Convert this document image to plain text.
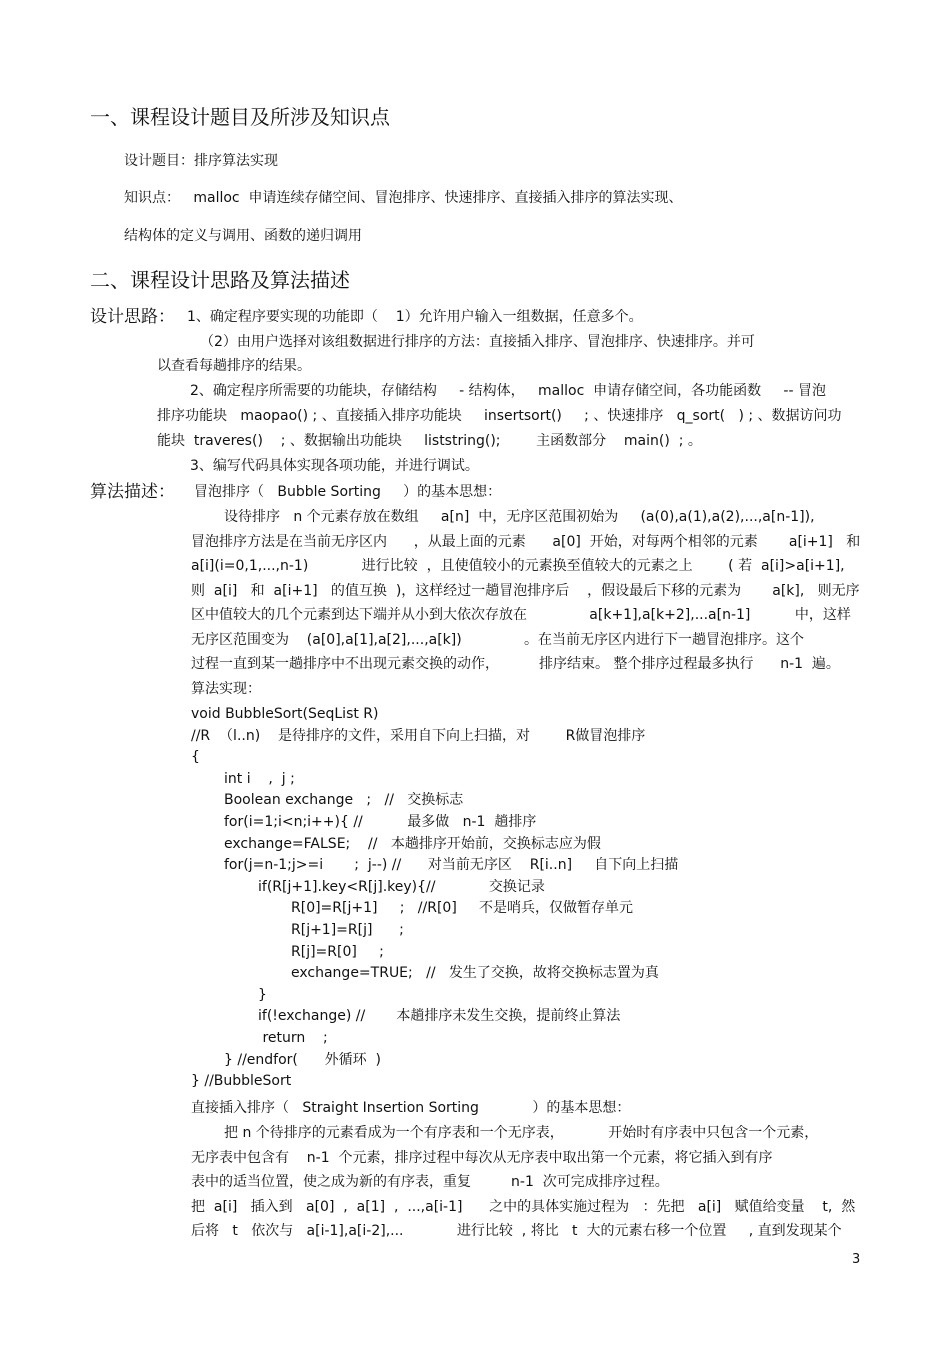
一、课程设计题目及所涉及知识点
设计题目：排序算法实现
知识点：   malloc  申请连续存储空间、冒泡排序、快速排序、直接插入排序的算法实现、
结构体的定义与调用、函数的递归调用
二、课程设计思路及算法描述
设计思路： 1、确定程序要实现的功能即（    1）允许用户输入一组数据，任意多个。
（2）由用户选择对该组数据进行排序的方法：直接插入排序、冒泡排序、快速排序。并可
以查看每趟排序的结果。
2、确定程序所需要的功能块，存储结构     - 结构体，   malloc  申请存储空间，各功能函数     -- 冒泡
排序功能块   maopao() ; 、直接插入排序功能块     insertsort()     ; 、快速排序   q_sort(   ) ; 、数据访问功
能块  traveres()    ; 、数据输出功能块     liststring();        主函数部分    main()  ; 。
3、编写代码具体实现各项功能，并进行调试。
算法描述： 冒泡排序（   Bubble Sorting     ）的基本思想：
设待排序   n 个元素存放在数组     a[n]  中，无序区范围初始为     (a(0),a(1),a(2),...,a[n-1]),
冒泡排序方法是在当前无序区内      ，从最上面的元素      a[0]  开始，对每两个相邻的元素       a[i+1]   和
a[i](i=0,1,...,n-1)            进行比较  ，且使值较小的元素换至值较大的元素之上        ( 若  a[i]>a[i+1],
则  a[i]   和  a[i+1]   的值互换  )，这样经过一趟冒泡排序后    ，假设最后下移的元素为       a[k],   则无序
区中值较大的几个元素到达下端并从小到大依次存放在              a[k+1],a[k+2],...a[n-1]          中，这样
无序区范围变为    (a[0],a[1],a[2],...,a[k])              。在当前无序区内进行下一趟冒泡排序。这个
过程一直到某一趟排序中不出现元素交换的动作，         排序结束。 整个排序过程最多执行      n-1  遍。
算法实现：
void BubbleSort(SeqList R)
//R  （l..n)    是待排序的文件，采用自下向上扫描，对        R做冒泡排序
{
int i    ,  j ;
Boolean exchange   ;   //   交换标志
for(i=1;i<n;i++){ //          最多做   n-1  趟排序
exchange=FALSE;    //   本趟排序开始前，交换标志应为假
for(j=n-1;j>=i       ;  j--) //      对当前无序区    R[i..n]     自下向上扫描
if(R[j+1].key<R[j].key){//            交换记录
R[0]=R[j+1]     ;   //R[0]     不是哨兵，仅做暂存单元
R[j+1]=R[j]      ;
R[j]=R[0]     ;
exchange=TRUE;   //   发生了交换，故将交换标志置为真
}
if(!exchange) //       本趟排序未发生交换，提前终止算法
return    ;
} //endfor(      外循环  )
} //BubbleSort
直接插入排序（   Straight Insertion Sorting            ）的基本思想：
把 n 个待排序的元素看成为一个有序表和一个无序表，          开始时有序表中只包含一个元素，
无序表中包含有    n-1  个元素，排序过程中每次从无序表中取出第一个元素，将它插入到有序
表中的适当位置，使之成为新的有序表，重复         n-1  次可完成排序过程。
把  a[i]   插入到   a[0]  ,  a[1]  ,  ...,a[i-1]      之中的具体实施过程为   ：先把   a[i]   赋值给变量    t,  然
后将   t   依次与   a[i-1],a[i-2],...            进行比较  , 将比   t  大的元素右移一个位置     , 直到发现某个
3
